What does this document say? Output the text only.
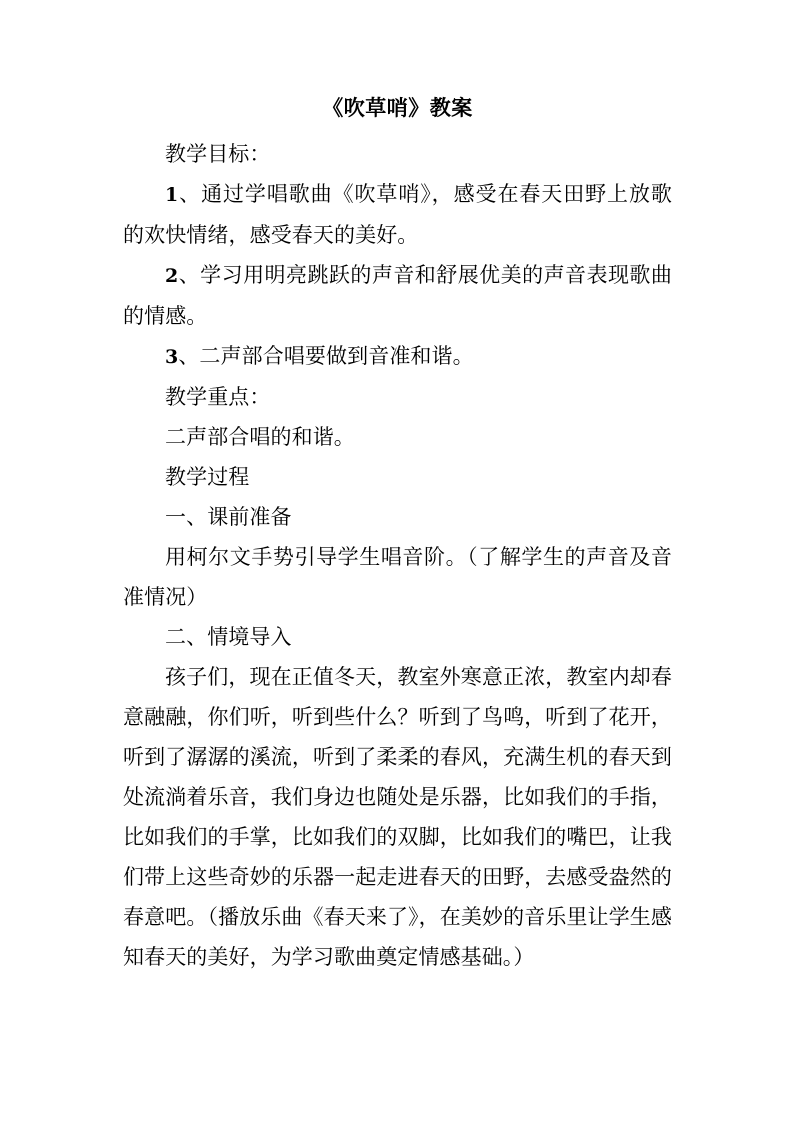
《吹草哨》教案

教学目标：

1、通过学唱歌曲《吹草哨》，感受在春天田野上放歌的欢快情绪，感受春天的美好。

2、学习用明亮跳跃的声音和舒展优美的声音表现歌曲的情感。

3、二声部合唱要做到音准和谐。

教学重点：

二声部合唱的和谐。

教学过程

一、课前准备

用柯尔文手势引导学生唱音阶。（了解学生的声音及音准情况）

二、情境导入

孩子们，现在正值冬天，教室外寒意正浓，教室内却春意融融，你们听，听到些什么？听到了鸟鸣，听到了花开，听到了潺潺的溪流，听到了柔柔的春风，充满生机的春天到处流淌着乐音，我们身边也随处是乐器，比如我们的手指，比如我们的手掌，比如我们的双脚，比如我们的嘴巴，让我们带上这些奇妙的乐器一起走进春天的田野，去感受盎然的春意吧。（播放乐曲《春天来了》，在美妙的音乐里让学生感知春天的美好，为学习歌曲奠定情感基础。）
